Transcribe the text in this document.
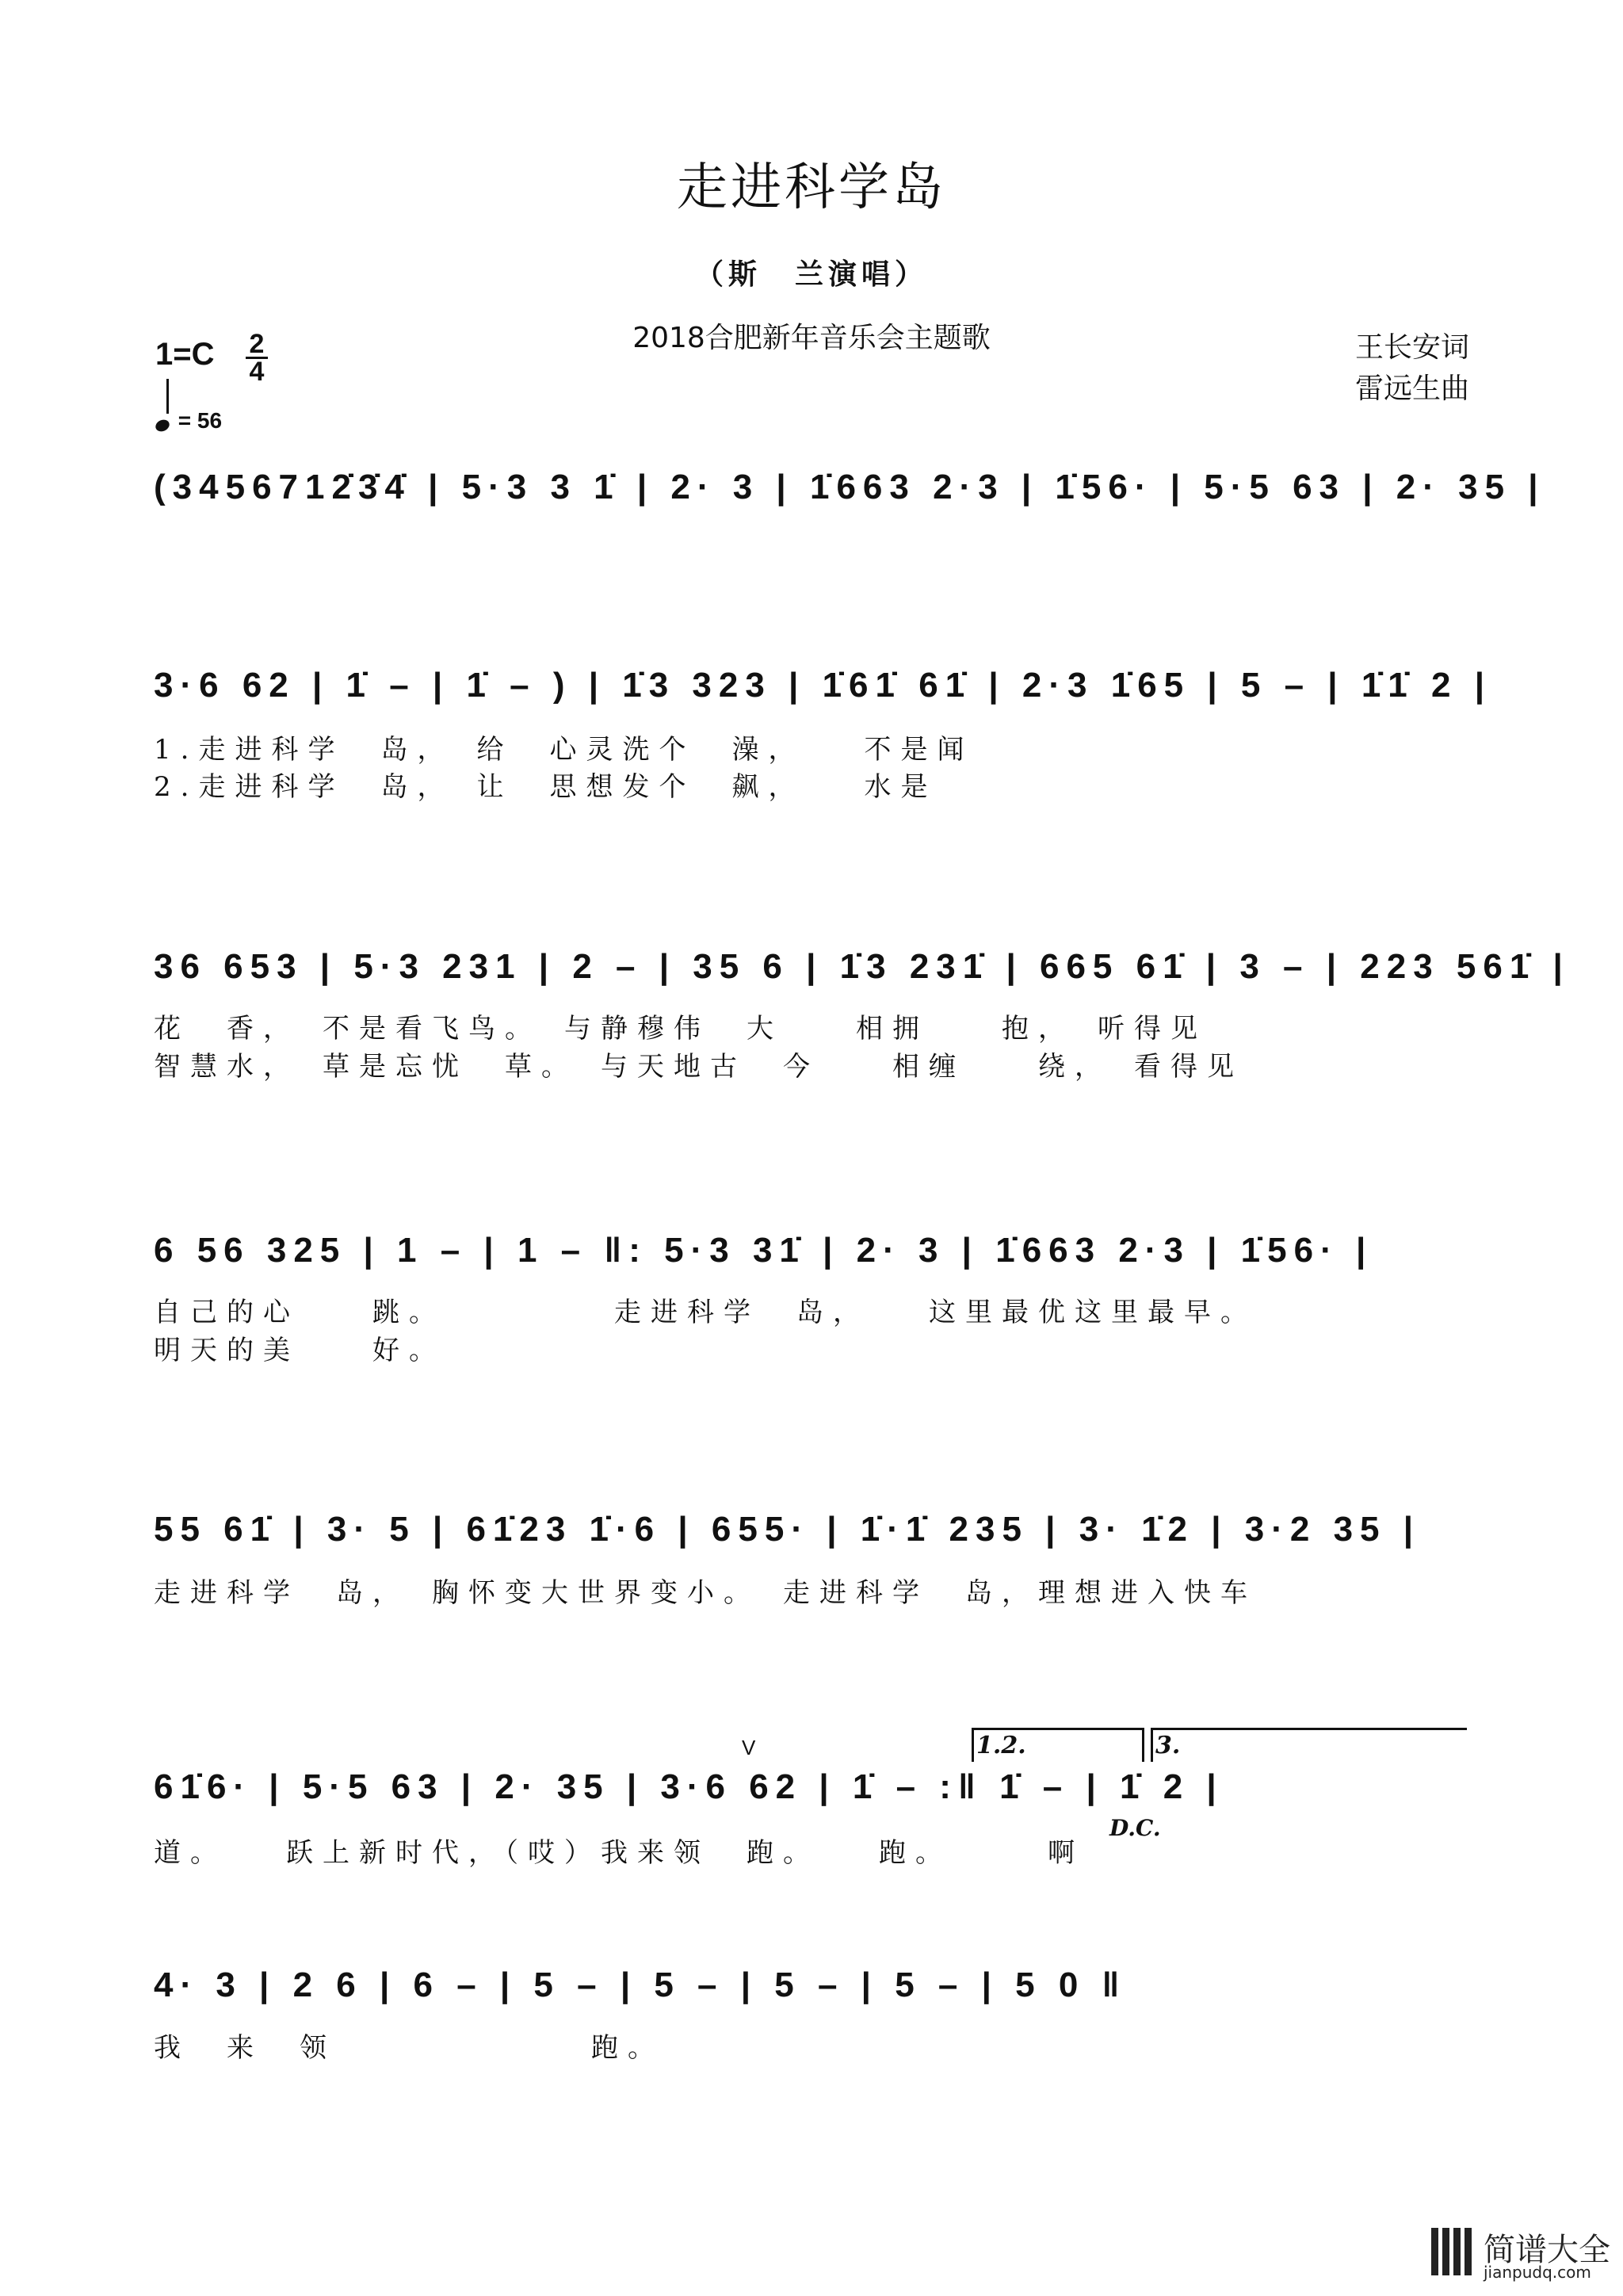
走进科学岛
（斯　兰演唱）
2018合肥新年音乐会主题歌	王长安词
雷远生曲
1=C 2
4
= 56
(3456712̇3̇4̇ | 5·3 3 1̇ | 2· 3 | 1̇663 2·3 | 1̇56· | 5·5 63 | 2· 35 |
3·6 62 | 1̇ – | 1̇ – ) | 1̇3 323 | 1̇61̇ 61̇ | 2·3 1̇65 | 5 – | 1̇1̇ 2 |
1.走进科学　岛，　给　心灵洗个　澡，　　不是闻
2.走进科学　岛，　让　思想发个　飙，　　水是
36 653 | 5·3 231 | 2 – | 35 6 | 1̇3 231̇ | 665 61̇ | 3 – | 223 561̇ |
花　香，　不是看飞鸟。　与静穆伟　大　　相拥　　抱，　听得见
智慧水，　草是忘忧　草。　与天地古　今　　相缠　　绕，　看得见
6 56 325 | 1 – | 1 – ‖: 5·3 31̇ | 2· 3 | 1̇663 2·3 | 1̇56· |
自己的心　　跳。　　　　　走进科学　岛，　　这里最优这里最早。
明天的美　　好。
55 61̇ | 3· 5 | 61̇23 1̇·6 | 655· | 1̇·1̇ 235 | 3· 1̇2 | 3·2 35 |
走进科学　岛，　胸怀变大世界变小。　走进科学　岛，理想进入快车
1.2.	3.
V
61̇6· | 5·5 63 | 2· 35 | 3·6 62 | 1̇ – :‖ 1̇ – | 1̇ 2 |
D.C.
道。　　跃上新时代，（哎）我来领　跑。　　跑。　　　啊
4· 3 | 2 6 | 6 – | 5 – | 5 – | 5 – | 5 – | 5 0 ‖
我　来　领　　　　　　　跑。
简谱大全
jianpudq.com
